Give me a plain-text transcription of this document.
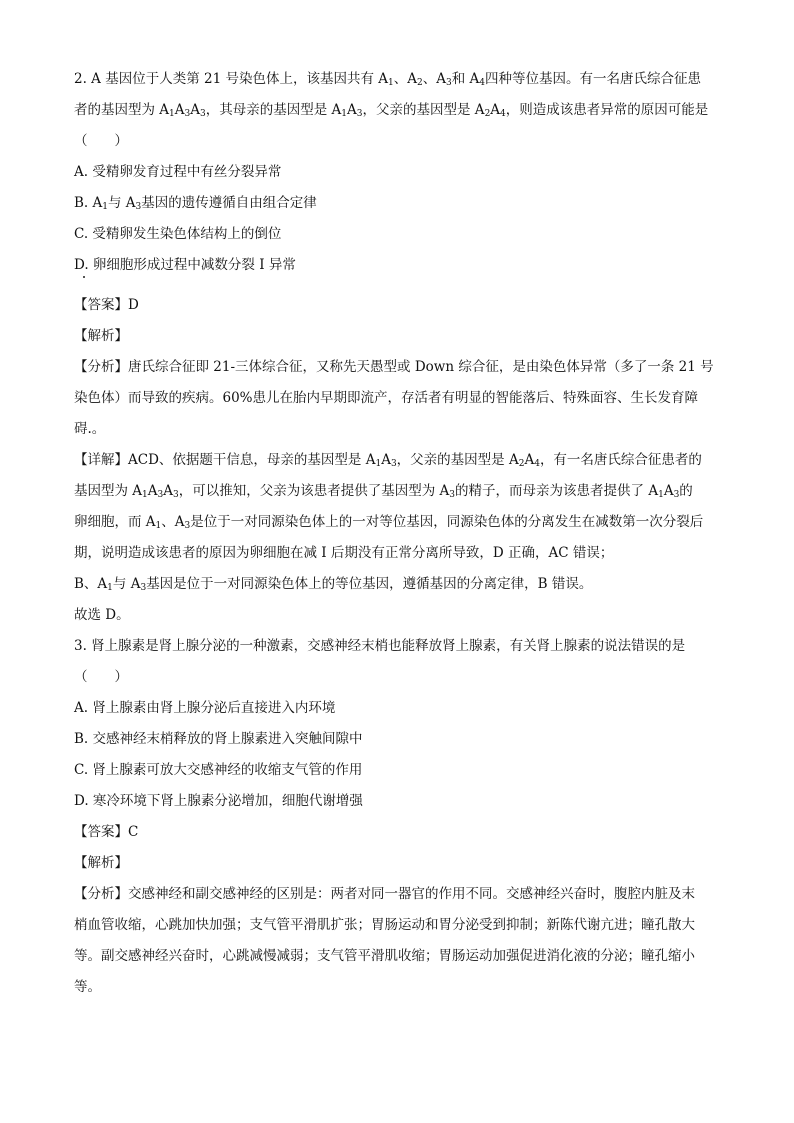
2. A 基因位于人类第 21 号染色体上，该基因共有 $A_1$、$A_2$、$A_3$和 $A_4$四种等位基因。有一名唐氏综合征患
者的基因型为 $A_1A_3A_3$，其母亲的基因型是 $A_1A_3$，父亲的基因型是 $A_2A_4$，则造成该患者异常的原因可能是
（　　）
A. 受精卵发育过程中有丝分裂异常
B. $A_1$与 $A_3$基因的遗传遵循自由组合定律
C. 受精卵发生染色体结构上的倒位
D. 卵细胞形成过程中减数分裂 I 异常
【答案】D
【解析】
【分析】唐氏综合征即 21-三体综合征，又称先天愚型或 Down 综合征，是由染色体异常（多了一条 21 号染色体）而导致的疾病。60%患儿在胎内早期即流产，存活者有明显的智能落后、特殊面容、生长发育障碍.。
【详解】ACD、依据题干信息，母亲的基因型是 $A_1A_3$，父亲的基因型是 $A_2A_4$，有一名唐氏综合征患者的
基因型为 $A_1A_3A_3$，可以推知，父亲为该患者提供了基因型为 $A_3$的精子，而母亲为该患者提供了 $A_1A_3$的
卵细胞，而 $A_1$、$A_3$是位于一对同源染色体上的一对等位基因，同源染色体的分离发生在减数第一次分裂后
期，说明造成该患者的原因为卵细胞在减 I 后期没有正常分离所导致，D 正确，AC 错误；
B、$A_1$与 $A_3$基因是位于一对同源染色体上的等位基因，遵循基因的分离定律，B 错误。
故选 D。
3. 肾上腺素是肾上腺分泌的一种激素，交感神经末梢也能释放肾上腺素，有关肾上腺素的说法错误的是
（　　）
A. 肾上腺素由肾上腺分泌后直接进入内环境
B. 交感神经末梢释放的肾上腺素进入突触间隙中
C. 肾上腺素可放大交感神经的收缩支气管的作用
D. 寒冷环境下肾上腺素分泌增加，细胞代谢增强
【答案】C
【解析】
【分析】交感神经和副交感神经的区别是：两者对同一器官的作用不同。交感神经兴奋时，腹腔内脏及末
梢血管收缩，心跳加快加强；支气管平滑肌扩张；胃肠运动和胃分泌受到抑制；新陈代谢亢进；瞳孔散大
等。副交感神经兴奋时，心跳减慢减弱；支气管平滑肌收缩；胃肠运动加强促进消化液的分泌；瞳孔缩小
等。
